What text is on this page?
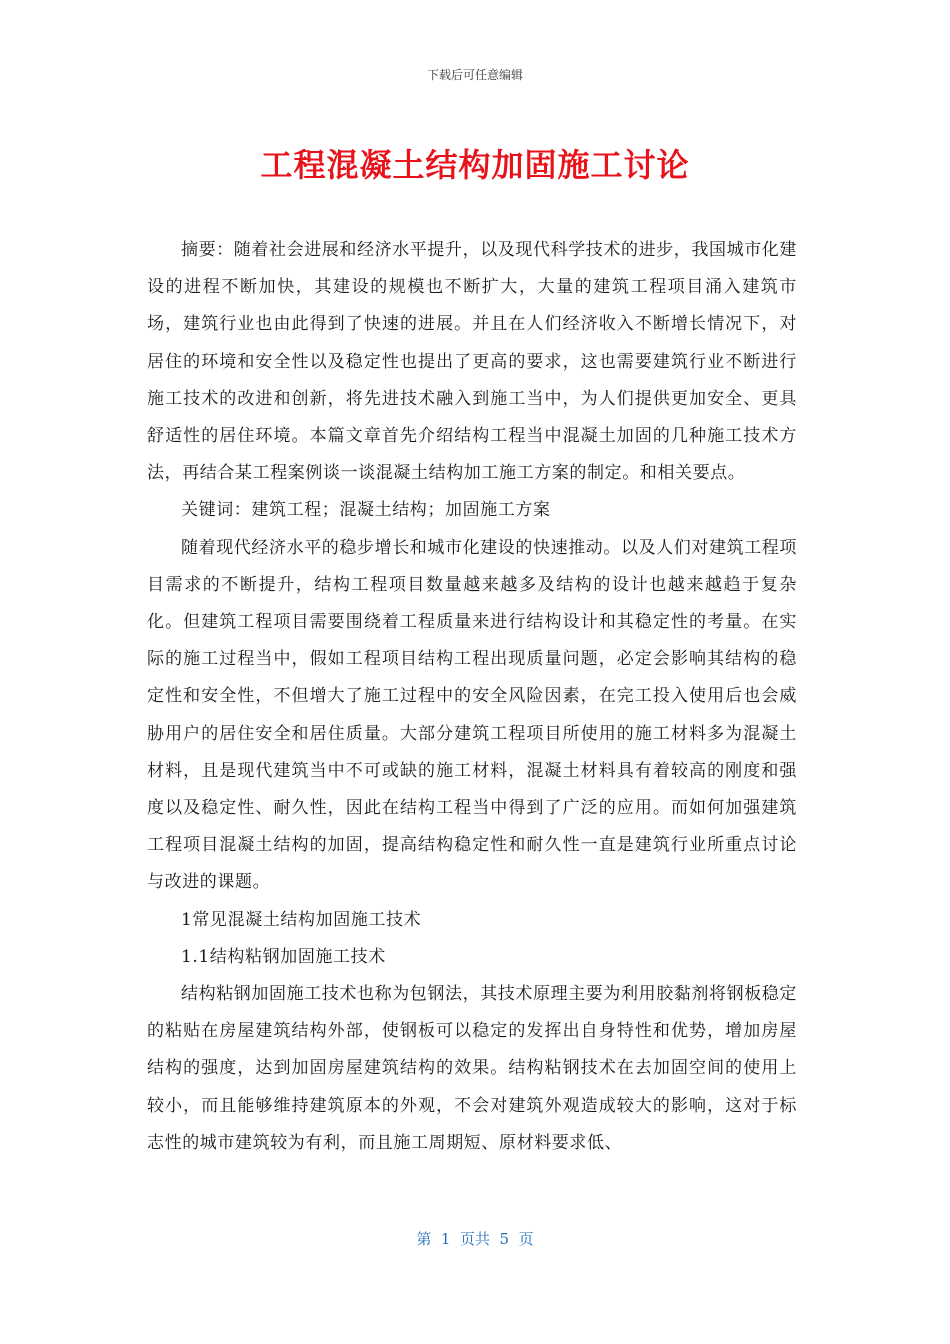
下载后可任意编辑
工程混凝土结构加固施工讨论

摘要：随着社会进展和经济水平提升，以及现代科学技术的进步，我国城市化建设的进程不断加快，其建设的规模也不断扩大，大量的建筑工程项目涌入建筑市场，建筑行业也由此得到了快速的进展。并且在人们经济收入不断增长情况下，对居住的环境和安全性以及稳定性也提出了更高的要求，这也需要建筑行业不断进行施工技术的改进和创新，将先进技术融入到施工当中，为人们提供更加安全、更具舒适性的居住环境。本篇文章首先介绍结构工程当中混凝土加固的几种施工技术方法，再结合某工程案例谈一谈混凝土结构加工施工方案的制定。和相关要点。

关键词：建筑工程；混凝土结构；加固施工方案

随着现代经济水平的稳步增长和城市化建设的快速推动。以及人们对建筑工程项目需求的不断提升，结构工程项目数量越来越多及结构的设计也越来越趋于复杂化。但建筑工程项目需要围绕着工程质量来进行结构设计和其稳定性的考量。在实际的施工过程当中，假如工程项目结构工程出现质量问题，必定会影响其结构的稳定性和安全性，不但增大了施工过程中的安全风险因素，在完工投入使用后也会威胁用户的居住安全和居住质量。大部分建筑工程项目所使用的施工材料多为混凝土材料，且是现代建筑当中不可或缺的施工材料，混凝土材料具有着较高的刚度和强度以及稳定性、耐久性，因此在结构工程当中得到了广泛的应用。而如何加强建筑工程项目混凝土结构的加固，提高结构稳定性和耐久性一直是建筑行业所重点讨论与改进的课题。

1常见混凝土结构加固施工技术

1.1结构粘钢加固施工技术

结构粘钢加固施工技术也称为包钢法，其技术原理主要为利用胶黏剂将钢板稳定的粘贴在房屋建筑结构外部，使钢板可以稳定的发挥出自身特性和优势，增加房屋结构的强度，达到加固房屋建筑结构的效果。结构粘钢技术在去加固空间的使用上较小，而且能够维持建筑原本的外观，不会对建筑外观造成较大的影响，这对于标志性的城市建筑较为有利，而且施工周期短、原材料要求低、

第  1  页共  5  页
